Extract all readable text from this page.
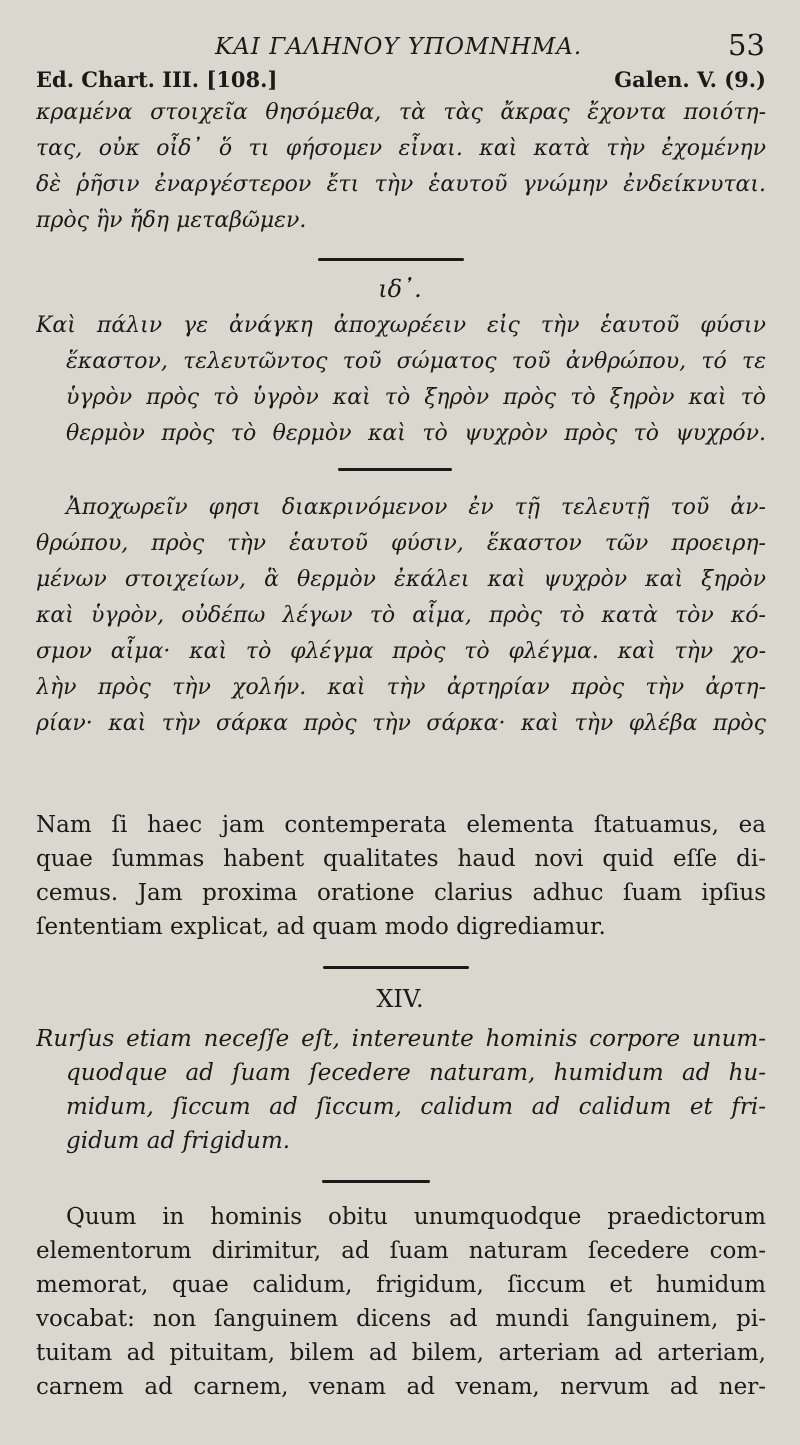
ΚΑΙ ΓΑΛΗΝΟΥ ΥΠΟΜΝΗΜΑ.	53
Ed. Chart. III. [108.]	Galen. V. (9.)
κραμένα στοιχεῖα θησόμεθα, τὰ τὰς ἄκρας ἔχοντα ποιότη-
τας, οὐκ οἶδ᾽ ὅ τι φήσομεν εἶναι. καὶ κατὰ τὴν ἐχομένην
δὲ ῥῆσιν ἐναργέστερον ἔτι τὴν ἑαυτοῦ γνώμην ἐνδείκνυται.
πρὸς ἣν ἤδη μεταβῶμεν.
ιδ᾽.
Καὶ πάλιν γε ἀνάγκη ἀποχωρέειν εἰς τὴν ἑαυτοῦ φύσιν
ἕκαστον, τελευτῶντος τοῦ σώματος τοῦ ἀνθρώπου, τό τε
ὑγρὸν πρὸς τὸ ὑγρὸν καὶ τὸ ξηρὸν πρὸς τὸ ξηρὸν καὶ τὸ
θερμὸν πρὸς τὸ θερμὸν καὶ τὸ ψυχρὸν πρὸς τὸ ψυχρόν.
Ἀποχωρεῖν φησι διακρινόμενον ἐν τῇ τελευτῇ τοῦ ἀν-
θρώπου, πρὸς τὴν ἑαυτοῦ φύσιν, ἕκαστον τῶν προειρη-
μένων στοιχείων, ἃ θερμὸν ἐκάλει καὶ ψυχρὸν καὶ ξηρὸν
καὶ ὑγρὸν, οὐδέπω λέγων τὸ αἷμα, πρὸς τὸ κατὰ τὸν κό-
σμον αἷμα· καὶ τὸ φλέγμα πρὸς τὸ φλέγμα. καὶ τὴν χο-
λὴν πρὸς τὴν χολήν. καὶ τὴν ἀρτηρίαν πρὸς τὴν ἀρτη-
ρίαν· καὶ τὴν σάρκα πρὸς τὴν σάρκα· καὶ τὴν φλέβα πρὸς
Nam ſi haec jam contemperata elementa ſtatuamus, ea
quae ſummas habent qualitates haud novi quid eſſe di-
cemus. Jam proxima oratione clarius adhuc ſuam ipſius
ſententiam explicat, ad quam modo digrediamur.
XIV.
Rurſus etiam neceſſe eſt, intereunte hominis corpore unum-
quodque ad ſuam ſecedere naturam, humidum ad hu-
midum, ſiccum ad ſiccum, calidum ad calidum et fri-
gidum ad frigidum.
Quum in hominis obitu unumquodque praedictorum
elementorum dirimitur, ad ſuam naturam ſecedere com-
memorat, quae calidum, frigidum, ſiccum et humidum
vocabat: non ſanguinem dicens ad mundi ſanguinem, pi-
tuitam ad pituitam, bilem ad bilem, arteriam ad arteriam,
carnem ad carnem, venam ad venam, nervum ad ner-
